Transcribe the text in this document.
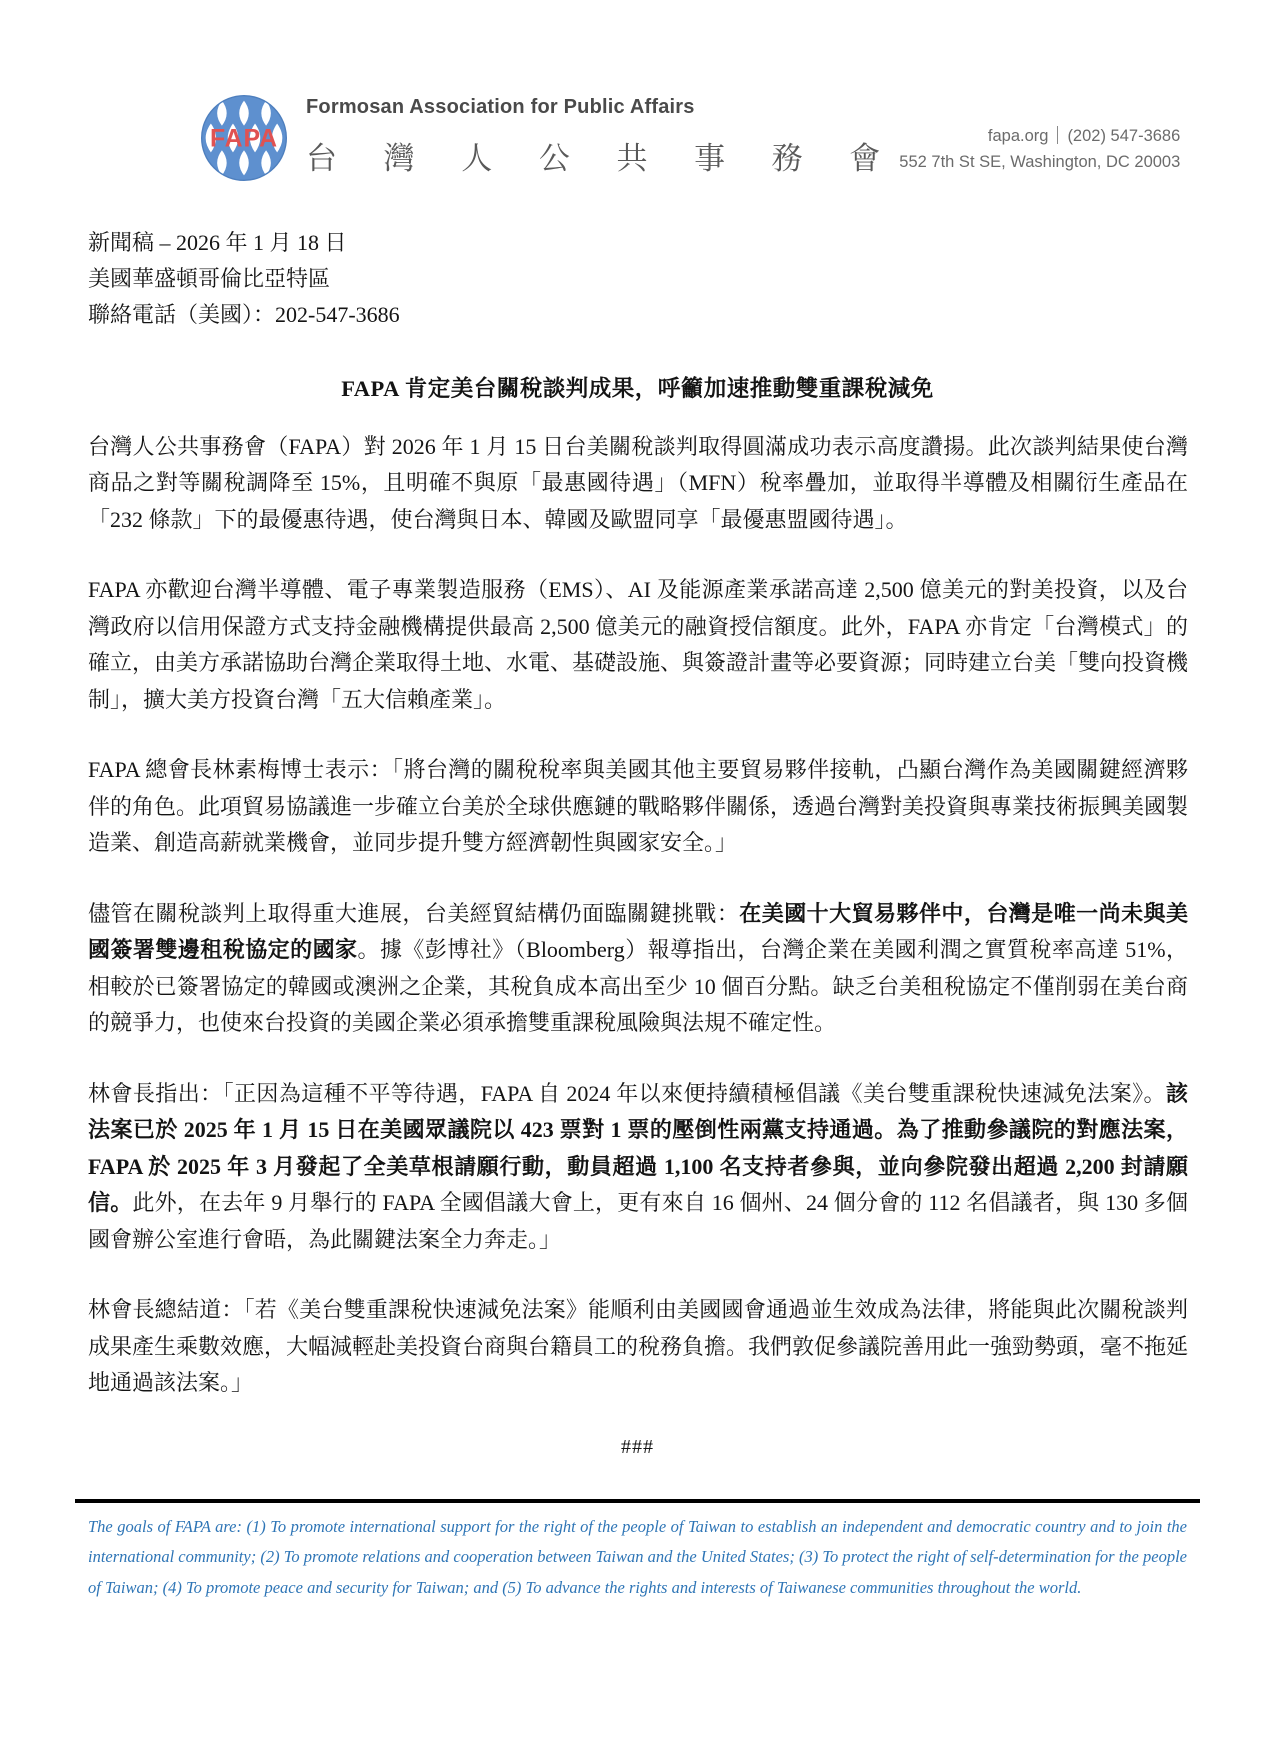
FAPA
Formosan Association for Public Affairs
台 灣 人 公 共 事 務 會
fapa.org (202) 547-3686
552 7th St SE, Washington, DC 20003
新聞稿 – 2026 年 1 月 18 日
美國華盛頓哥倫比亞特區
聯絡電話（美國）：202-547-3686
FAPA 肯定美台關稅談判成果，呼籲加速推動雙重課稅減免

台灣人公共事務會（FAPA）對 2026 年 1 月 15 日台美關稅談判取得圓滿成功表示高度讚揚。此次談判結果使台灣商品之對等關稅調降至 15%，且明確不與原「最惠國待遇」（MFN）稅率疊加，並取得半導體及相關衍生產品在「232 條款」下的最優惠待遇，使台灣與日本、韓國及歐盟同享「最優惠盟國待遇」。

FAPA 亦歡迎台灣半導體、電子專業製造服務（EMS）、AI 及能源產業承諾高達 2,500 億美元的對美投資，以及台灣政府以信用保證方式支持金融機構提供最高 2,500 億美元的融資授信額度。此外，FAPA 亦肯定「台灣模式」的確立，由美方承諾協助台灣企業取得土地、水電、基礎設施、與簽證計畫等必要資源；同時建立台美「雙向投資機制」，擴大美方投資台灣「五大信賴產業」。

FAPA 總會長林素梅博士表示：「將台灣的關稅稅率與美國其他主要貿易夥伴接軌，凸顯台灣作為美國關鍵經濟夥伴的角色。此項貿易協議進一步確立台美於全球供應鏈的戰略夥伴關係，透過台灣對美投資與專業技術振興美國製造業、創造高薪就業機會，並同步提升雙方經濟韌性與國家安全。」

儘管在關稅談判上取得重大進展，台美經貿結構仍面臨關鍵挑戰：在美國十大貿易夥伴中，台灣是唯一尚未與美國簽署雙邊租稅協定的國家。據《彭博社》（Bloomberg）報導指出，台灣企業在美國利潤之實質稅率高達 51%，相較於已簽署協定的韓國或澳洲之企業，其稅負成本高出至少 10 個百分點。缺乏台美租稅協定不僅削弱在美台商的競爭力，也使來台投資的美國企業必須承擔雙重課稅風險與法規不確定性。

林會長指出：「正因為這種不平等待遇，FAPA 自 2024 年以來便持續積極倡議《美台雙重課稅快速減免法案》。該法案已於 2025 年 1 月 15 日在美國眾議院以 423 票對 1 票的壓倒性兩黨支持通過。為了推動參議院的對應法案，FAPA 於 2025 年 3 月發起了全美草根請願行動，動員超過 1,100 名支持者參與，並向參院發出超過 2,200 封請願信。此外，在去年 9 月舉行的 FAPA 全國倡議大會上，更有來自 16 個州、24 個分會的 112 名倡議者，與 130 多個國會辦公室進行會晤，為此關鍵法案全力奔走。」

林會長總結道：「若《美台雙重課稅快速減免法案》能順利由美國國會通過並生效成為法律，將能與此次關稅談判成果產生乘數效應，大幅減輕赴美投資台商與台籍員工的稅務負擔。我們敦促參議院善用此一強勁勢頭，毫不拖延地通過該法案。」

###
The goals of FAPA are: (1) To promote international support for the right of the people of Taiwan to establish an independent and democratic country and to join the international community; (2) To promote relations and cooperation between Taiwan and the United States; (3) To protect the right of self-determination for the people of Taiwan; (4) To promote peace and security for Taiwan; and (5) To advance the rights and interests of Taiwanese communities throughout the world.
